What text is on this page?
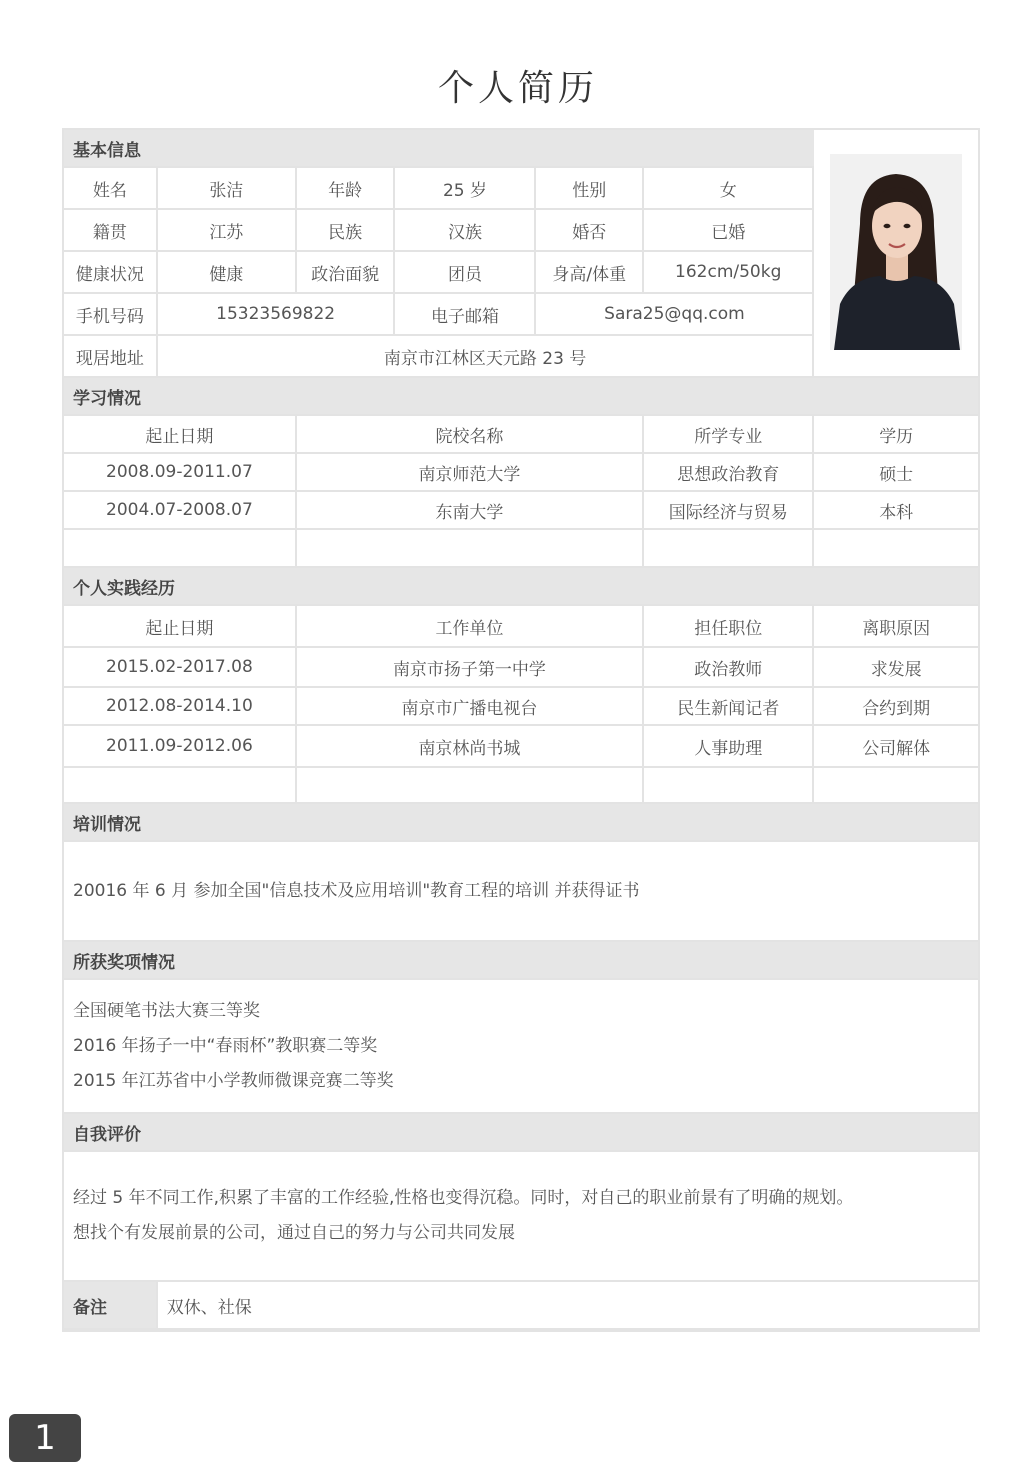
个人简历
基本信息	

姓名	张洁	年龄	25 岁	性别	女	
籍贯	江苏	民族	汉族	婚否	已婚	
健康状况	健康	政治面貌	团员	身高/体重	162cm/50kg	
手机号码	15323569822		电子邮箱	Sara25@qq.com		
现居地址	南京市江林区天元路 23 号					
学习情况						
起止日期		院校名称			所学专业	学历
2008.09-2011.07		南京师范大学			思想政治教育	硕士
2004.07-2008.07		东南大学			国际经济与贸易	本科

个人实践经历						
起止日期		工作单位			担任职位	离职原因
2015.02-2017.08		南京市扬子第一中学			政治教师	求发展
2012.08-2014.10		南京市广播电视台			民生新闻记者	合约到期
2011.09-2012.06		南京林尚书城			人事助理	公司解体

培训情况						
20016 年 6 月 参加全国"信息技术及应用培训"教育工程的培训 并获得证书						
所获奖项情况						

全国硬笔书法大赛三等奖
2016 年扬子一中“春雨杯”教职赛二等奖
2015 年江苏省中小学教师微课竞赛二等奖						

自我评价						

经过 5 年不同工作,积累了丰富的工作经验,性格也变得沉稳。同时，对自己的职业前景有了明确的规划。
想找个有发展前景的公司，通过自己的努力与公司共同发展						

备注	双休、社保					
1
